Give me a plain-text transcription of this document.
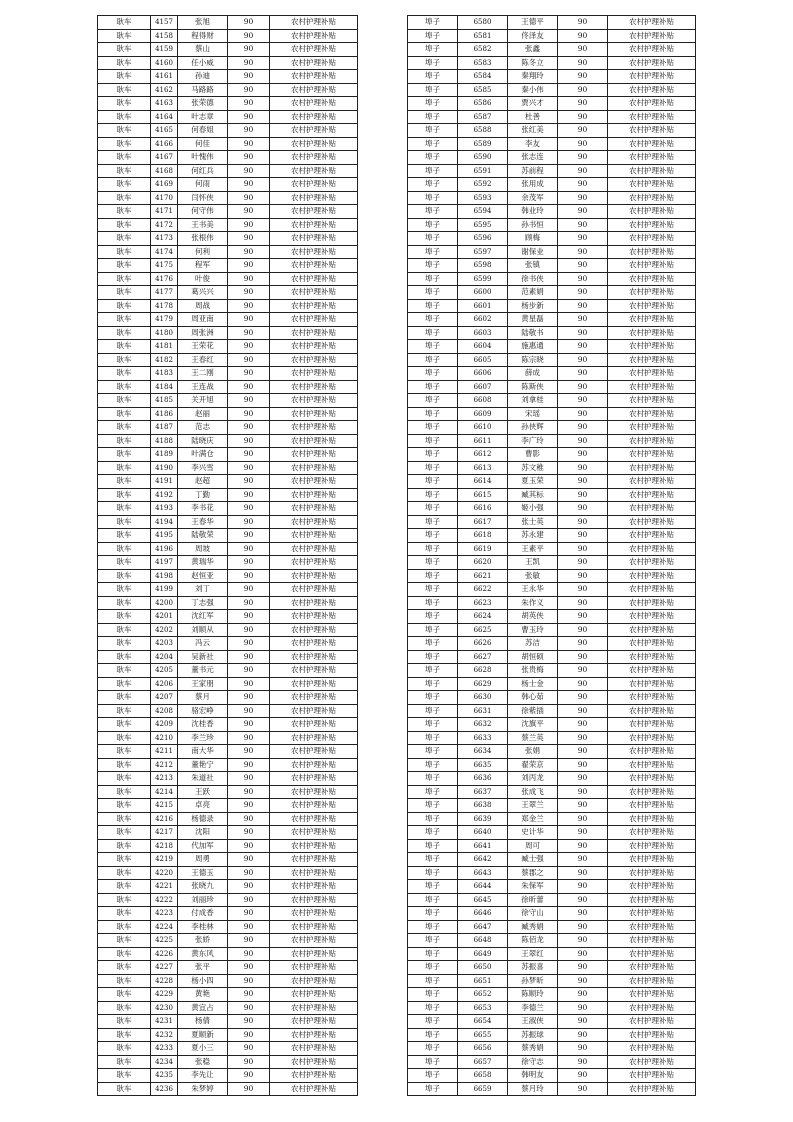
耿车	4157	张旭	90	农村护理补贴
耿车	4158	程得财	90	农村护理补贴
耿车	4159	蔡山	90	农村护理补贴
耿车	4160	任小威	90	农村护理补贴
耿车	4161	孙迪	90	农村护理补贴
耿车	4162	马路路	90	农村护理补贴
耿车	4163	张荣德	90	农村护理补贴
耿车	4164	叶志章	90	农村护理补贴
耿车	4165	何春姐	90	农村护理补贴
耿车	4166	何佳	90	农村护理补贴
耿车	4167	叶愧伟	90	农村护理补贴
耿车	4168	何红兵	90	农村护理补贴
耿车	4169	何雨	90	农村护理补贴
耿车	4170	闫怀侠	90	农村护理补贴
耿车	4171	何守伟	90	农村护理补贴
耿车	4172	王书美	90	农村护理补贴
耿车	4173	张根伟	90	农村护理补贴
耿车	4174	何利	90	农村护理补贴
耿车	4175	程军	90	农村护理补贴
耿车	4176	叶俊	90	农村护理补贴
耿车	4177	葛兴兴	90	农村护理补贴
耿车	4178	周战	90	农村护理补贴
耿车	4179	周亚南	90	农村护理补贴
耿车	4180	周张洲	90	农村护理补贴
耿车	4181	王荣花	90	农村护理补贴
耿车	4182	王春红	90	农村护理补贴
耿车	4183	王二刚	90	农村护理补贴
耿车	4184	王连战	90	农村护理补贴
耿车	4185	关开旭	90	农村护理补贴
耿车	4186	赵丽	90	农村护理补贴
耿车	4187	范志	90	农村护理补贴
耿车	4188	陆晓庆	90	农村护理补贴
耿车	4189	叶满仓	90	农村护理补贴
耿车	4190	李兴雪	90	农村护理补贴
耿车	4191	赵超	90	农村护理补贴
耿车	4192	丁勤	90	农村护理补贴
耿车	4193	李书花	90	农村护理补贴
耿车	4194	王春华	90	农村护理补贴
耿车	4195	陆敬荣	90	农村护理补贴
耿车	4196	周坡	90	农村护理补贴
耿车	4197	黄瑞华	90	农村护理补贴
耿车	4198	赵恒亚	90	农村护理补贴
耿车	4199	刘丁	90	农村护理补贴
耿车	4200	丁志强	90	农村护理补贴
耿车	4201	沈红军	90	农村护理补贴
耿车	4202	刘顺从	90	农村护理补贴
耿车	4203	冯云	90	农村护理补贴
耿车	4204	吴新社	90	农村护理补贴
耿车	4205	董书元	90	农村护理补贴
耿车	4206	王家朋	90	农村护理补贴
耿车	4207	蔡月	90	农村护理补贴
耿车	4208	骆宏峥	90	农村护理补贴
耿车	4209	沈桂香	90	农村护理补贴
耿车	4210	李兰珍	90	农村护理补贴
耿车	4211	南大华	90	农村护理补贴
耿车	4212	董艳宁	90	农村护理补贴
耿车	4213	朱道社	90	农村护理补贴
耿车	4214	王跃	90	农村护理补贴
耿车	4215	卓亮	90	农村护理补贴
耿车	4216	杨德录	90	农村护理补贴
耿车	4217	沈阳	90	农村护理补贴
耿车	4218	代加军	90	农村护理补贴
耿车	4219	周勇	90	农村护理补贴
耿车	4220	王德玉	90	农村护理补贴
耿车	4221	张晓九	90	农村护理补贴
耿车	4222	刘丽珍	90	农村护理补贴
耿车	4223	付成香	90	农村护理补贴
耿车	4224	李桂林	90	农村护理补贴
耿车	4225	张娇	90	农村护理补贴
耿车	4226	黄东风	90	农村护理补贴
耿车	4227	张平	90	农村护理补贴
耿车	4228	杨小四	90	农村护理补贴
耿车	4229	黄艳	90	农村护理补贴
耿车	4230	黄宜占	90	农村护理补贴
耿车	4231	杨倩	90	农村护理补贴
耿车	4232	夏顺新	90	农村护理补贴
耿车	4233	夏小三	90	农村护理补贴
耿车	4234	张稳	90	农村护理补贴
耿车	4235	李先让	90	农村护理补贴
耿车	4236	朱梦婷	90	农村护理补贴
埠子	6580	王德平	90	农村护理补贴
埠子	6581	佟泽友	90	农村护理补贴
埠子	6582	张鑫	90	农村护理补贴
埠子	6583	陈冬立	90	农村护理补贴
埠子	6584	秦翔玲	90	农村护理补贴
埠子	6585	秦小伟	90	农村护理补贴
埠子	6586	贾兴才	90	农村护理补贴
埠子	6587	杜善	90	农村护理补贴
埠子	6588	张红美	90	农村护理补贴
埠子	6589	李友	90	农村护理补贴
埠子	6590	张志连	90	农村护理补贴
埠子	6591	苏前程	90	农村护理补贴
埠子	6592	张用成	90	农村护理补贴
埠子	6593	余茂军	90	农村护理补贴
埠子	6594	韩业玲	90	农村护理补贴
埠子	6595	孙书恒	90	农村护理补贴
埠子	6596	顾梅	90	农村护理补贴
埠子	6597	谢保业	90	农村护理补贴
埠子	6598	张镇	90	农村护理补贴
埠子	6599	徐书侠	90	农村护理补贴
埠子	6600	范素娟	90	农村护理补贴
埠子	6601	杨步新	90	农村护理补贴
埠子	6602	黄星磊	90	农村护理补贴
埠子	6603	陆敬书	90	农村护理补贴
埠子	6604	施惠通	90	农村护理补贴
埠子	6605	陈宗晓	90	农村护理补贴
埠子	6606	薛成	90	农村护理补贴
埠子	6607	陈斯侠	90	农村护理补贴
埠子	6608	刘拿桂	90	农村护理补贴
埠子	6609	宋瑶	90	农村护理补贴
埠子	6610	孙侠辉	90	农村护理补贴
埠子	6611	李广玲	90	农村护理补贴
埠子	6612	曹影	90	农村护理补贴
埠子	6613	苏文稚	90	农村护理补贴
埠子	6614	夏玉荣	90	农村护理补贴
埠子	6615	臧其标	90	农村护理补贴
埠子	6616	姬小强	90	农村护理补贴
埠子	6617	张士英	90	农村护理补贴
埠子	6618	苏永建	90	农村护理补贴
埠子	6619	王素平	90	农村护理补贴
埠子	6620	王凯	90	农村护理补贴
埠子	6621	张敏	90	农村护理补贴
埠子	6622	王永华	90	农村护理补贴
埠子	6623	朱作义	90	农村护理补贴
埠子	6624	胡英侠	90	农村护理补贴
埠子	6625	曹玉玲	90	农村护理补贴
埠子	6626	苏洁	90	农村护理补贴
埠子	6627	胡恒硕	90	农村护理补贴
埠子	6628	张贵梅	90	农村护理补贴
埠子	6629	杨士金	90	农村护理补贴
埠子	6630	韩心茹	90	农村护理补贴
埠子	6631	徐紫插	90	农村护理补贴
埠子	6632	沈旗平	90	农村护理补贴
埠子	6633	蔡兰英	90	农村护理补贴
埠子	6634	张娟	90	农村护理补贴
埠子	6635	翟荣京	90	农村护理补贴
埠子	6636	刘丙龙	90	农村护理补贴
埠子	6637	张成飞	90	农村护理补贴
埠子	6638	王翠兰	90	农村护理补贴
埠子	6639	郑金兰	90	农村护理补贴
埠子	6640	史计华	90	农村护理补贴
埠子	6641	周可	90	农村护理补贴
埠子	6642	臧士强	90	农村护理补贴
埠子	6643	蔡郡之	90	农村护理补贴
埠子	6644	朱保军	90	农村护理补贴
埠子	6645	徐昕蕾	90	农村护理补贴
埠子	6646	徐守山	90	农村护理补贴
埠子	6647	臧秀娟	90	农村护理补贴
埠子	6648	陈佰龙	90	农村护理补贴
埠子	6649	王翠红	90	农村护理补贴
埠子	6650	苏振喜	90	农村护理补贴
埠子	6651	孙梦昕	90	农村护理补贴
埠子	6652	陈顺玲	90	农村护理补贴
埠子	6653	李德兰	90	农村护理补贴
埠子	6654	王淑侠	90	农村护理补贴
埠子	6655	苏振球	90	农村护理补贴
埠子	6656	蔡秀娟	90	农村护理补贴
埠子	6657	徐守志	90	农村护理补贴
埠子	6658	韩明友	90	农村护理补贴
埠子	6659	蔡月玲	90	农村护理补贴
